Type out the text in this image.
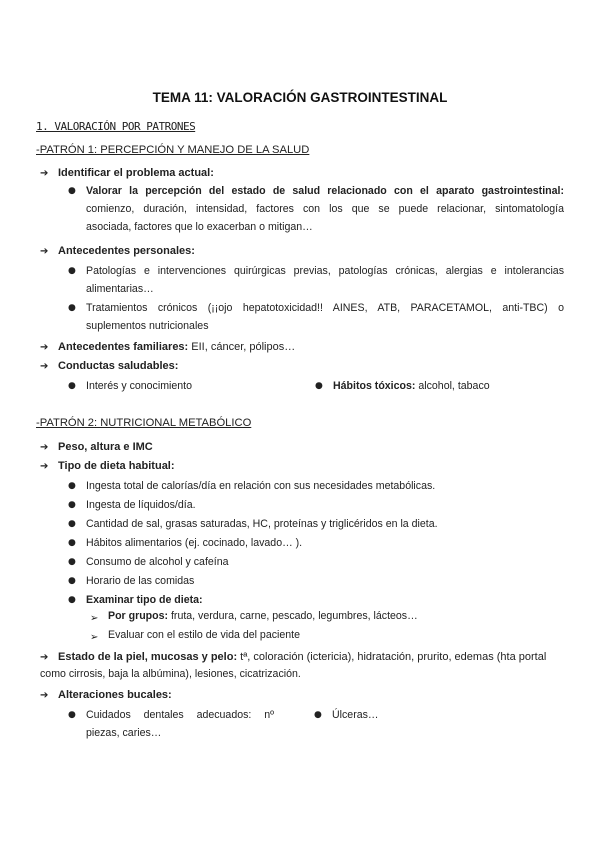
TEMA 11: VALORACIÓN GASTROINTESTINAL
1. VALORACIÓN POR PATRONES
-PATRÓN 1: PERCEPCIÓN Y MANEJO DE LA SALUD
➔ Identificar el problema actual:
● Valorar la percepción del estado de salud relacionado con el aparato gastrointestinal:
comienzo, duración, intensidad, factores con los que se puede relacionar, sintomatología
asociada, factores que lo exacerban o mitigan…
➔ Antecedentes personales:
● Patologías e intervenciones quirúrgicas previas, patologías crónicas, alergias e intolerancias
alimentarias…
● Tratamientos crónicos (¡¡ojo hepatotoxicidad!! AINES, ATB, PARACETAMOL, anti-TBC) o
suplementos nutricionales
➔ Antecedentes familiares: EII, cáncer, pólipos…
➔ Conductas saludables:
● Interés y conocimiento	● Hábitos tóxicos: alcohol, tabaco
-PATRÓN 2: NUTRICIONAL METABÓLICO
➔ Peso, altura e IMC
➔ Tipo de dieta habitual:
● Ingesta total de calorías/día en relación con sus necesidades metabólicas.
● Ingesta de líquidos/día.
● Cantidad de sal, grasas saturadas, HC, proteínas y triglicéridos en la dieta.
● Hábitos alimentarios (ej. cocinado, lavado… ).
● Consumo de alcohol y cafeína
● Horario de las comidas
● Examinar tipo de dieta:
➢ Por grupos: fruta, verdura, carne, pescado, legumbres, lácteos…
➢ Evaluar con el estilo de vida del paciente
➔ Estado de la piel, mucosas y pelo: tª, coloración (ictericia), hidratación, prurito, edemas (hta portal
como cirrosis, baja la albúmina), lesiones, cicatrización.
➔ Alteraciones bucales:
● Cuidados dentales adecuados: nº
piezas, caries…
● Úlceras…
